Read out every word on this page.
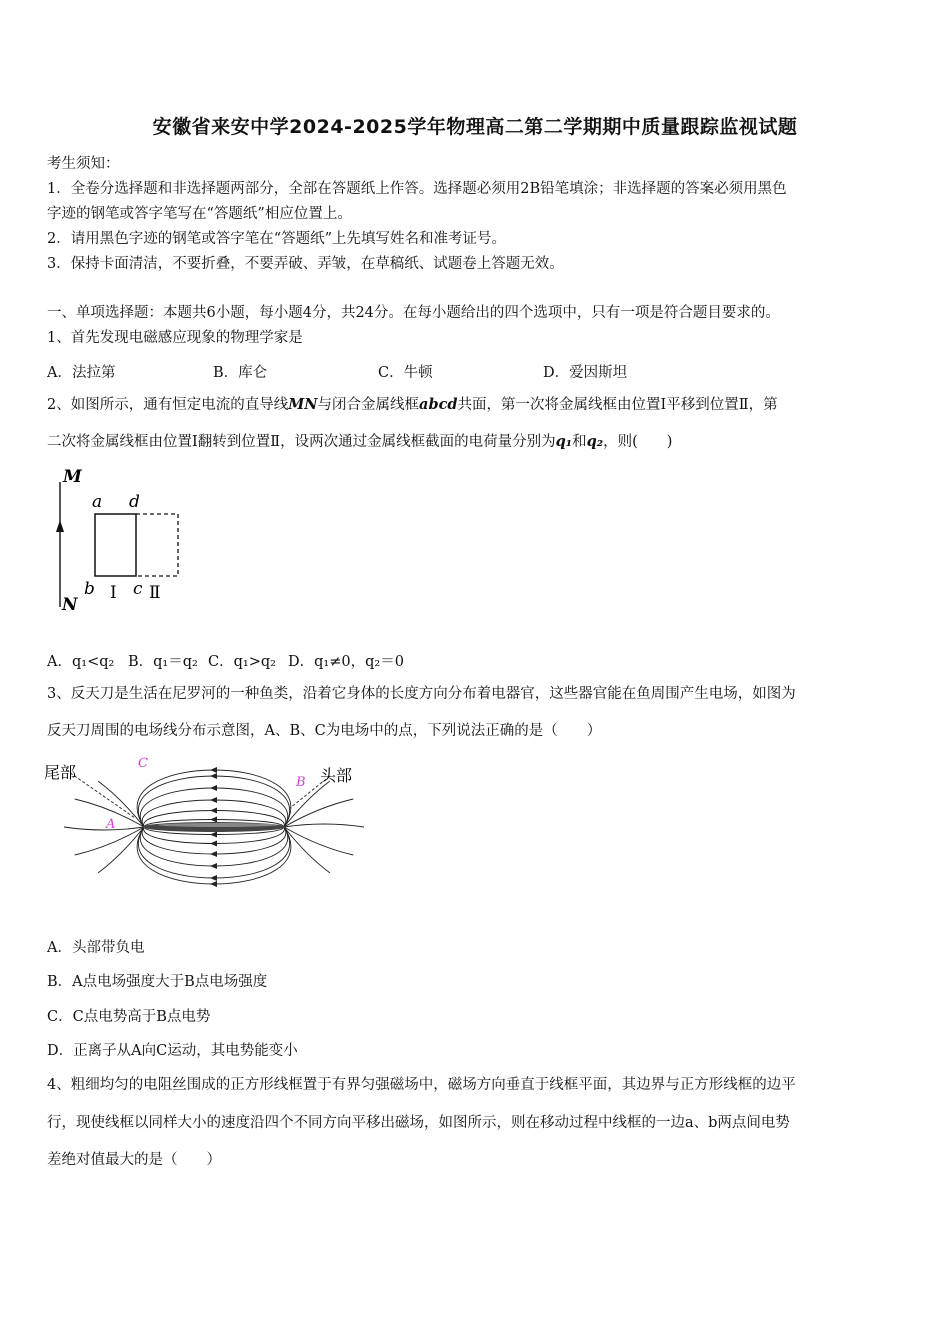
安徽省来安中学2024-2025学年物理高二第二学期期中质量跟踪监视试题
考生须知：
1．全卷分选择题和非选择题两部分，全部在答题纸上作答。选择题必须用2B铅笔填涂；非选择题的答案必须用黑色
字迹的钢笔或答字笔写在“答题纸”相应位置上。
2．请用黑色字迹的钢笔或答字笔在“答题纸”上先填写姓名和准考证号。
3．保持卡面清洁，不要折叠，不要弄破、弄皱，在草稿纸、试题卷上答题无效。
一、单项选择题：本题共6小题，每小题4分，共24分。在每小题给出的四个选项中，只有一项是符合题目要求的。
1、首先发现电磁感应现象的物理学家是
A．法拉第	B．库仑	C．牛顿	D．爱因斯坦
2、如图所示，通有恒定电流的直导线MN与闭合金属线框abcd共面，第一次将金属线框由位置Ⅰ平移到位置Ⅱ，第
二次将金属线框由位置Ⅰ翻转到位置Ⅱ，设两次通过金属线框截面的电荷量分别为q₁和q₂，则(　　)
M
N
a d
b Ⅰ c Ⅱ
A．q₁<q₂ B．q₁＝q₂ C．q₁>q₂ D．q₁≠0，q₂＝0
3、反天刀是生活在尼罗河的一种鱼类，沿着它身体的长度方向分布着电器官，这些器官能在鱼周围产生电场，如图为
反天刀周围的电场线分布示意图，A、B、C为电场中的点，下列说法正确的是（　　）
尾部	头部
A
B
C
A．头部带负电
B．A点电场强度大于B点电场强度
C．C点电势高于B点电势
D．正离子从A向C运动，其电势能变小
4、粗细均匀的电阻丝围成的正方形线框置于有界匀强磁场中，磁场方向垂直于线框平面，其边界与正方形线框的边平
行，现使线框以同样大小的速度沿四个不同方向平移出磁场，如图所示，则在移动过程中线框的一边a、b两点间电势
差绝对值最大的是（　　）
